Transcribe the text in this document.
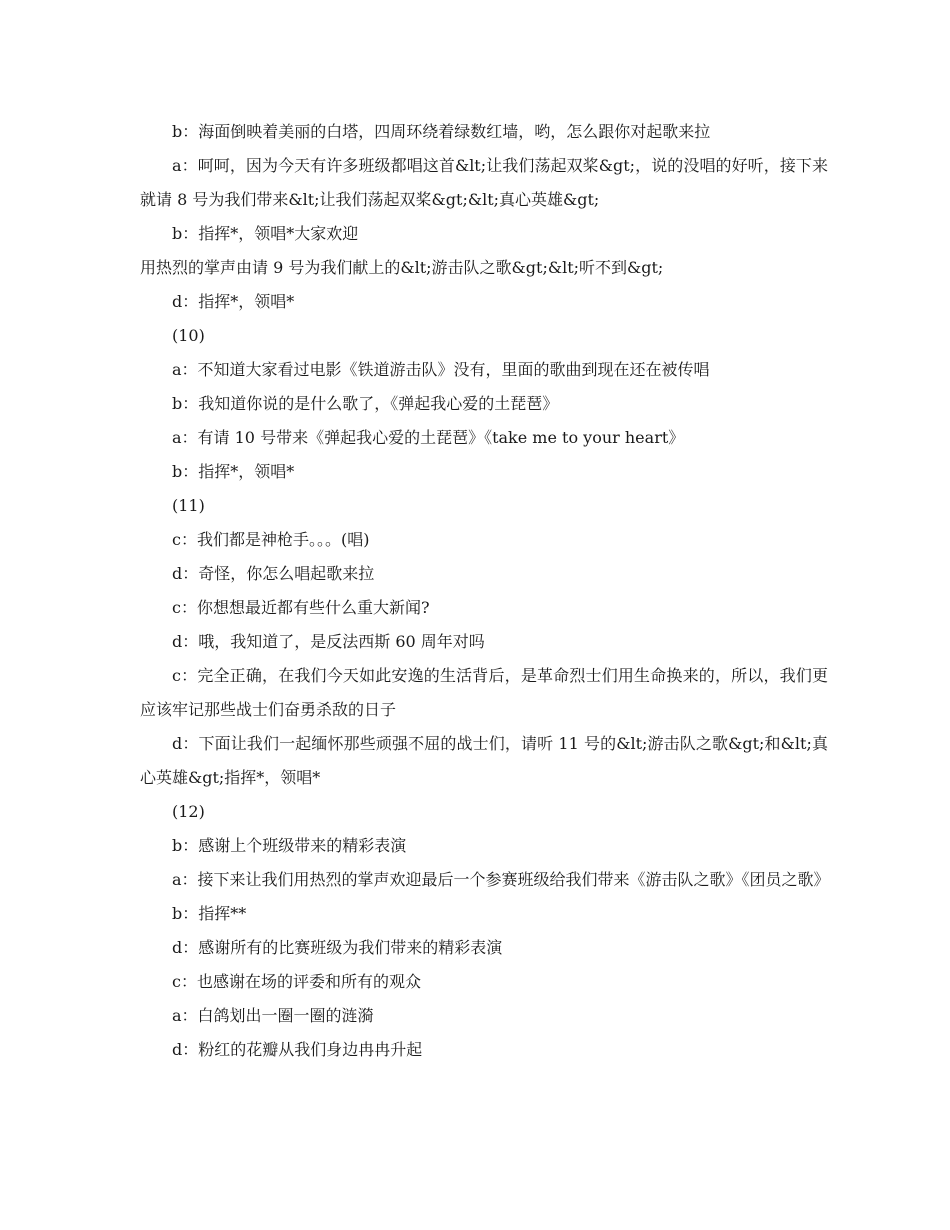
b：海面倒映着美丽的白塔，四周环绕着绿数红墙，哟，怎么跟你对起歌来拉

a：呵呵，因为今天有许多班级都唱这首&lt;让我们荡起双桨&gt;，说的没唱的好听，接下来就请 8 号为我们带来&lt;让我们荡起双桨&gt;&lt;真心英雄&gt;

b：指挥*，领唱*大家欢迎

用热烈的掌声由请 9 号为我们献上的&lt;游击队之歌&gt;&lt;听不到&gt;

d：指挥*，领唱*

(10)

a：不知道大家看过电影《铁道游击队》没有，里面的歌曲到现在还在被传唱

b：我知道你说的是什么歌了，《弹起我心爱的土琵琶》

a：有请 10 号带来《弹起我心爱的土琵琶》《take me to your heart》

b：指挥*，领唱*

(11)

c：我们都是神枪手。。。(唱)

d：奇怪，你怎么唱起歌来拉

c：你想想最近都有些什么重大新闻?

d：哦，我知道了，是反法西斯 60 周年对吗

c：完全正确，在我们今天如此安逸的生活背后，是革命烈士们用生命换来的，所以，我们更应该牢记那些战士们奋勇杀敌的日子

d：下面让我们一起缅怀那些顽强不屈的战士们，请听 11 号的&lt;游击队之歌&gt;和&lt;真心英雄&gt;指挥*，领唱*

(12)

b：感谢上个班级带来的精彩表演

a：接下来让我们用热烈的掌声欢迎最后一个参赛班级给我们带来《游击队之歌》《团员之歌》

b：指挥**

d：感谢所有的比赛班级为我们带来的精彩表演

c：也感谢在场的评委和所有的观众

a：白鸽划出一圈一圈的涟漪

d：粉红的花瓣从我们身边冉冉升起
